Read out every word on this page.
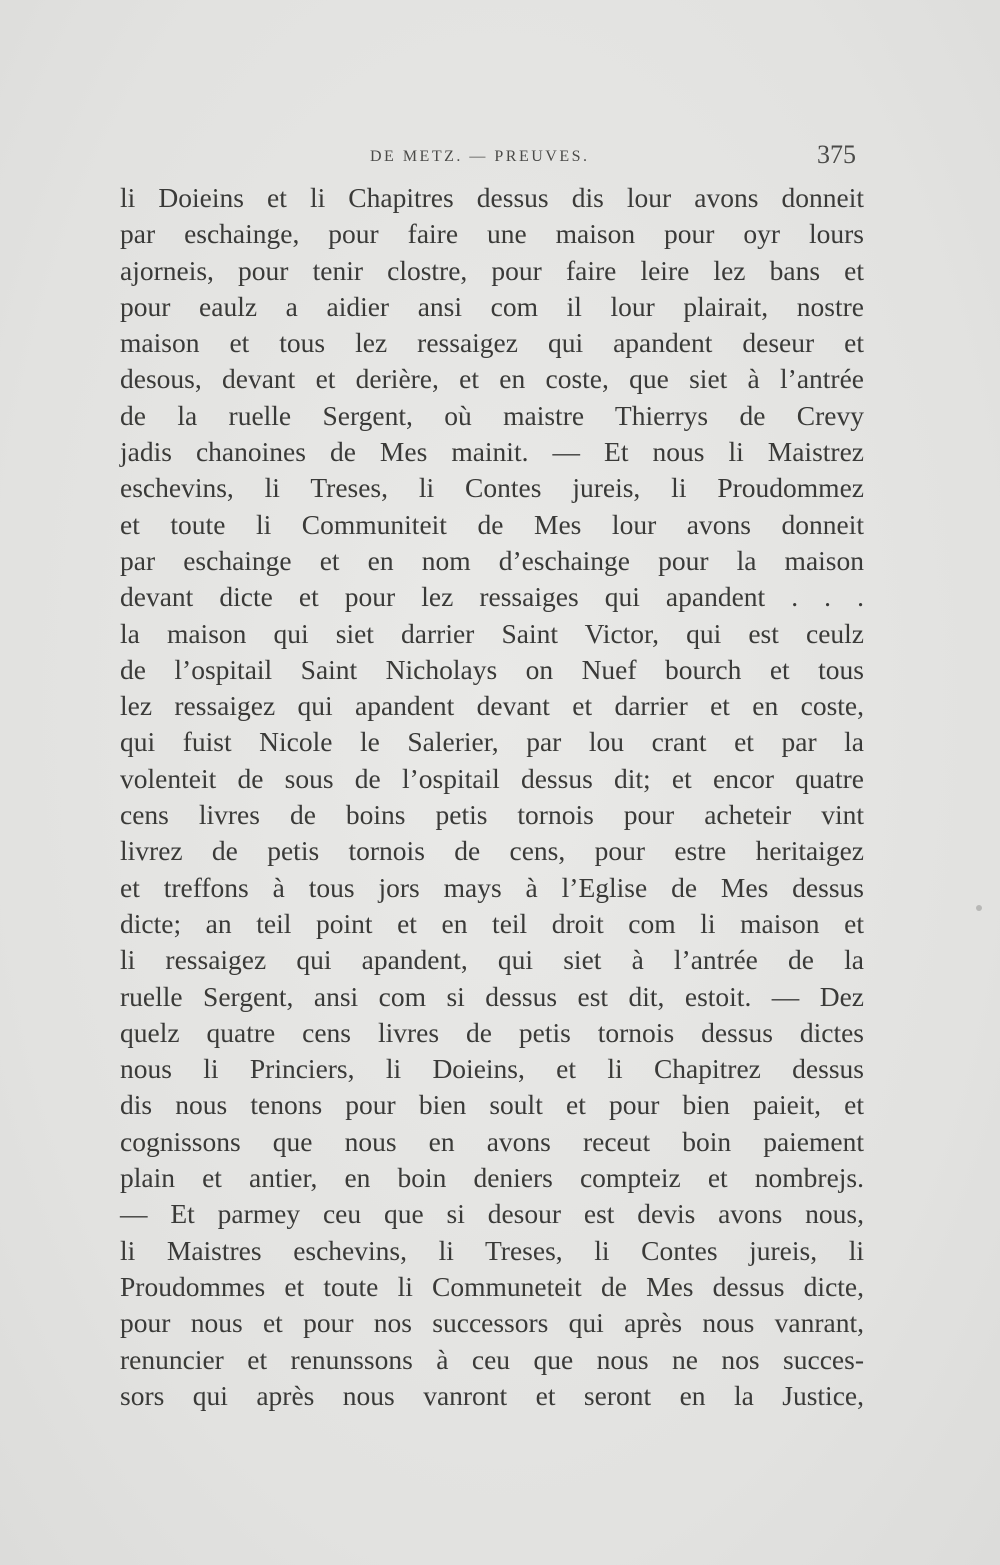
DE METZ. — PREUVES.	375
li Doieins et li Chapitres dessus dis lour avons donneit
par eschainge, pour faire une maison pour oyr lours
ajorneis, pour tenir clostre, pour faire leire lez bans et
pour eaulz a aidier ansi com il lour plairait, nostre
maison et tous lez ressaigez qui apandent deseur et
desous, devant et derière, et en coste, que siet à l’antrée
de la ruelle Sergent, où maistre Thierrys de Crevy
jadis chanoines de Mes mainit. — Et nous li Maistrez
eschevins, li Treses, li Contes jureis, li Proudommez
et toute li Communiteit de Mes lour avons donneit
par eschainge et en nom d’eschainge pour la maison
devant dicte et pour lez ressaiges qui apandent . . .
la maison qui siet darrier Saint Victor, qui est ceulz
de l’ospitail Saint Nicholays on Nuef bourch et tous
lez ressaigez qui apandent devant et darrier et en coste,
qui fuist Nicole le Salerier, par lou crant et par la
volenteit de sous de l’ospitail dessus dit; et encor quatre
cens livres de boins petis tornois pour acheteir vint
livrez de petis tornois de cens, pour estre heritaigez
et treffons à tous jors mays à l’Eglise de Mes dessus
dicte; an teil point et en teil droit com li maison et
li ressaigez qui apandent, qui siet à l’antrée de la
ruelle Sergent, ansi com si dessus est dit, estoit. — Dez
quelz quatre cens livres de petis tornois dessus dictes
nous li Princiers, li Doieins, et li Chapitrez dessus
dis nous tenons pour bien soult et pour bien paieit, et
cognissons que nous en avons receut boin paiement
plain et antier, en boin deniers compteiz et nombrejs.
— Et parmey ceu que si desour est devis avons nous,
li Maistres eschevins, li Treses, li Contes jureis, li
Proudommes et toute li Communeteit de Mes dessus dicte,
pour nous et pour nos successors qui après nous vanrant,
renuncier et renunssons à ceu que nous ne nos succes-
sors qui après nous vanront et seront en la Justice,
